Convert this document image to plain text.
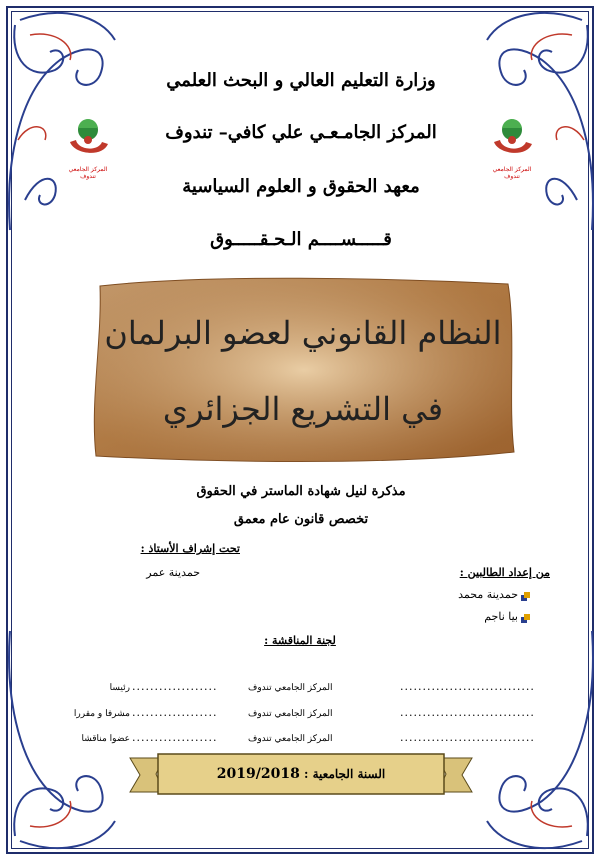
وزارة التعليم العالي و البحث العلمي
المركز الجامـعـي علي كافي– تندوف
معهد الحقوق و العلوم السياسية
قـــــســــم الـحـقـــــوق
المركز الجامعي تندوف
المركز الجامعي تندوف
النظام القانوني لعضو البرلمان
في التشريع الجزائري
مذكرة لنيل شهادة الماستر في الحقوق
تخصص قانون عام معمق
تحت إشراف الأستاذ :
حمدينة عمر	من إعداد الطالبين :
حمدينة محمد
بيا ناجم
لجنة المناقشة :
..............................
المركز الجامعي تندوف
...................
رئيسا
..............................
المركز الجامعي تندوف
...................
مشرفا و مقررا
..............................
المركز الجامعي تندوف
...................
عضوا مناقشا
السنة الجامعية : 2019/2018
